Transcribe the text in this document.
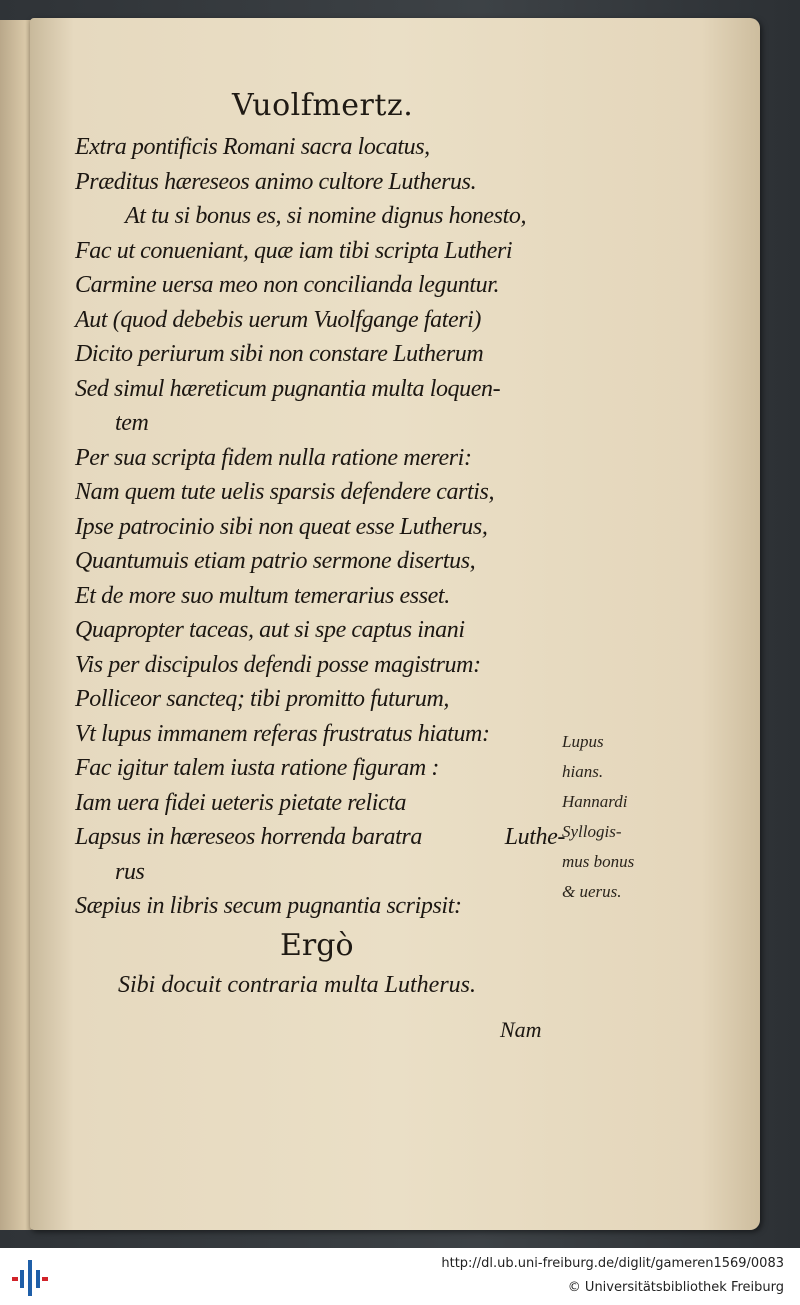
Vuolfmertz.
Extra pontificis Romani sacra locatus,
Præditus hæreseos animo cultore Lutherus.
At tu si bonus es, si nomine dignus honesto,
Fac ut conueniant, quæ iam tibi scripta Lutheri
Carmine uersa meo non concilianda leguntur.
Aut (quod debebis uerum Vuolfgange fateri)
Dicito periurum sibi non constare Lutherum
Sed simul hæreticum pugnantia multa loquen-
tem
Per sua scripta fidem nulla ratione mereri:
Nam quem tute uelis sparsis defendere cartis,
Ipse patrocinio sibi non queat esse Lutherus,
Quantumuis etiam patrio sermone disertus,
Et de more suo multum temerarius esset.
Quapropter taceas, aut si spe captus inani
Vis per discipulos defendi posse magistrum:
Polliceor sancteq; tibi promitto futurum,
Vt lupus immanem referas frustratus hiatum:
Fac igitur talem iusta ratione figuram :
Iam uera fidei ueteris pietate relicta
Lapsus in hæreseos horrenda baratra	Luthe-
rus
Sæpius in libris secum pugnantia scripsit:
Lupus
hians.
Hannardi
Syllogis-
mus bonus
& uerus.
Ergò
Sibi docuit contraria multa Lutherus.
Nam
http://dl.ub.uni-freiburg.de/diglit/gameren1569/0083
© Universitätsbibliothek Freiburg
